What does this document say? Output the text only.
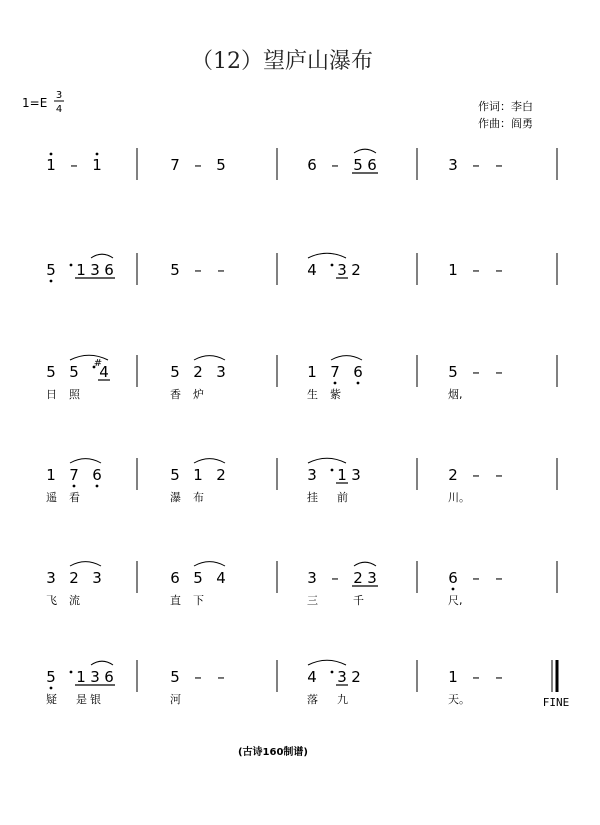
（12）望庐山瀑布
1=E
3
4	作词：李白
作曲：阎勇
1 – 1	7 – 5	6 – 5 6	3 – –
5 1 3 6	5 – –	4 3 2	1 – –
5 5 4
#
日 照
5 2 3
香 炉
1 7 6
生 紫
5 – –
烟,
1 7 6
遥 看
5 1 2
瀑 布
3 1 3
挂 前
2 – –
川。
3 2 3
飞 流
6 5 4
直 下
3 – 2 3
三	千
6 – –
尺,
5 1 3 6
疑 是 银
5 – –
河
4 3 2
落 九
1 – –
天。	FINE
(古诗160制谱)
